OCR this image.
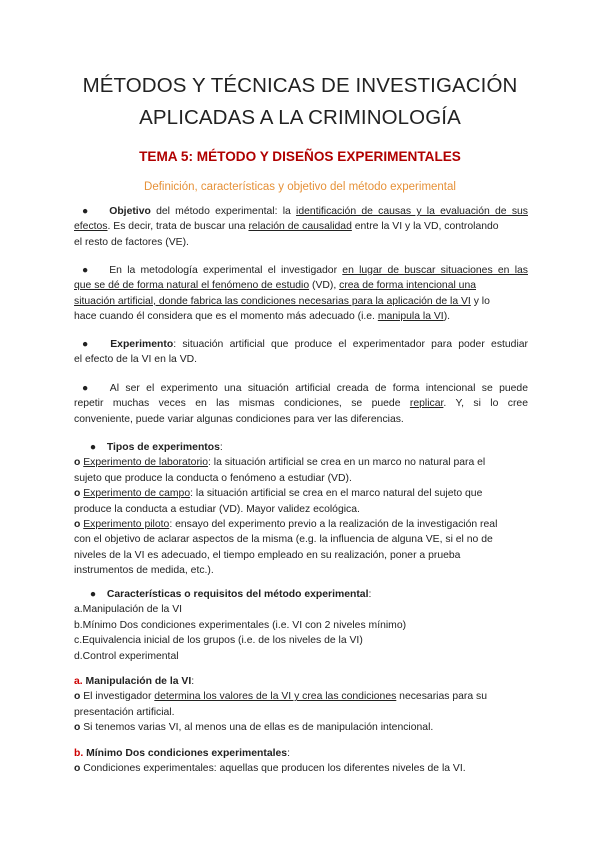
MÉTODOS Y TÉCNICAS DE INVESTIGACIÓN
APLICADAS A LA CRIMINOLOGÍA
TEMA 5: MÉTODO Y DISEÑOS EXPERIMENTALES
Definición, características y objetivo del método experimental
● Objetivo del método experimental: la identificación de causas y la evaluación de sus
efectos. Es decir, trata de buscar una relación de causalidad entre la VI y la VD, controlando
el resto de factores (VE).
● En la metodología experimental el investigador en lugar de buscar situaciones en las
que se dé de forma natural el fenómeno de estudio (VD), crea de forma intencional una
situación artificial, donde fabrica las condiciones necesarias para la aplicación de la VI y lo
hace cuando él considera que es el momento más adecuado (i.e. manipula la VI).
● Experimento: situación artificial que produce el experimentador para poder estudiar
el efecto de la VI en la VD.
● Al ser el experimento una situación artificial creada de forma intencional se puede
repetir muchas veces en las mismas condiciones, se puede replicar. Y, si lo cree
conveniente, puede variar algunas condiciones para ver las diferencias.
● Tipos de experimentos:
o Experimento de laboratorio: la situación artificial se crea en un marco no natural para el
sujeto que produce la conducta o fenómeno a estudiar (VD).
o Experimento de campo: la situación artificial se crea en el marco natural del sujeto que
produce la conducta a estudiar (VD). Mayor validez ecológica.
o Experimento piloto: ensayo del experimento previo a la realización de la investigación real
con el objetivo de aclarar aspectos de la misma (e.g. la influencia de alguna VE, si el no de
niveles de la VI es adecuado, el tiempo empleado en su realización, poner a prueba
instrumentos de medida, etc.).
● Características o requisitos del método experimental:
a.Manipulación de la VI
b.Mínimo Dos condiciones experimentales (i.e. VI con 2 niveles mínimo)
c.Equivalencia inicial de los grupos (i.e. de los niveles de la VI)
d.Control experimental
a. Manipulación de la VI:
o El investigador determina los valores de la VI y crea las condiciones necesarias para su
presentación artificial.
o Si tenemos varias VI, al menos una de ellas es de manipulación intencional.
b. Mínimo Dos condiciones experimentales:
o Condiciones experimentales: aquellas que producen los diferentes niveles de la VI.
